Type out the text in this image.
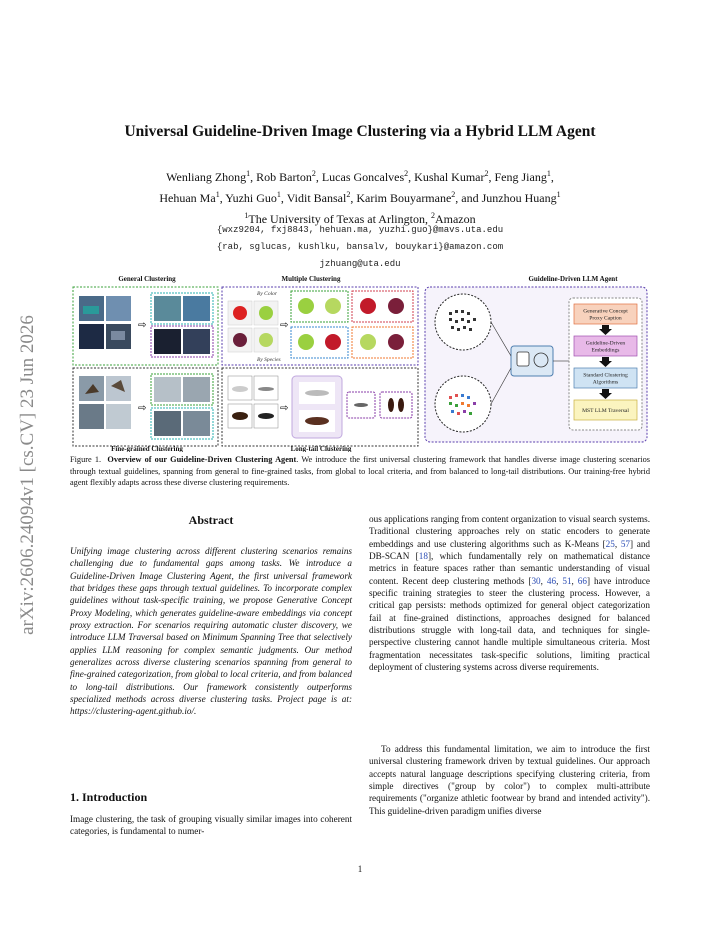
arXiv:2606.24094v1 [cs.CV] 23 Jun 2026
Universal Guideline-Driven Image Clustering via a Hybrid LLM Agent
Wenliang Zhong$^1$, Rob Barton$^2$, Lucas Goncalves$^2$, Kushal Kumar$^2$, Feng Jiang$^1$,
Hehuan Ma$^1$, Yuzhi Guo$^1$, Vidit Bansal$^2$, Karim Bouyarmane$^2$, and Junzhou Huang$^1$
$^1$The University of Texas at Arlington, $^2$Amazon
{wxz9204, fxj8843, hehuan.ma, yuzhi.guo}@mavs.uta.edu
{rab, sglucas, kushlku, bansalv, bouykari}@amazon.com
jzhuang@uta.edu
General Clustering
⇨
Multiple Clustering
By Color
By Species
⇨
Guideline-Driven LLM Agent
Generative Concept
Proxy Caption
Guideline-Driven
Embeddings
Standard Clustering
Algorithms
MST LLM Traversal
⇨
Fine-grained Clustering
⇨
Long-tail Clustering
Figure 1. Overview of our Guideline-Driven Clustering Agent. We introduce the first universal clustering framework that handles diverse image clustering scenarios through textual guidelines, spanning from general to fine-grained tasks, from global to local criteria, and from balanced to long-tail distributions. Our training-free hybrid agent flexibly adapts across these diverse clustering requirements.
Abstract
Unifying image clustering across different clustering scenarios remains challenging due to fundamental gaps among tasks. We introduce a Guideline-Driven Image Clustering Agent, the first universal framework that bridges these gaps through textual guidelines. To incorporate complex guidelines without task-specific training, we propose Generative Concept Proxy Modeling, which generates guideline-aware embeddings via concept proxy extraction. For scenarios requiring automatic cluster discovery, we introduce LLM Traversal based on Minimum Spanning Tree that selectively applies LLM reasoning for complex semantic judgments. Our method generalizes across diverse clustering scenarios spanning from general to fine-grained categorization, from global to local criteria, and from balanced to long-tail distributions. Our framework consistently outperforms specialized methods across diverse clustering tasks. Project page is at: https://clustering-agent.github.io/.
1. Introduction
Image clustering, the task of grouping visually similar images into coherent categories, is fundamental to numer-
ous applications ranging from content organization to visual search systems. Traditional clustering approaches rely on static encoders to generate embeddings and use clustering algorithms such as K-Means [25, 57] and DB-SCAN [18], which fundamentally rely on mathematical distance metrics in feature spaces rather than semantic understanding of visual content. Recent deep clustering methods [30, 46, 51, 66] have introduce specific training strategies to steer the clustering process. However, a critical gap persists: methods optimized for general object categorization fail at fine-grained distinctions, approaches designed for balanced distributions struggle with long-tail data, and techniques for single-perspective clustering cannot handle multiple simultaneous criteria. Most fragmentation necessitates task-specific solutions, limiting practical deployment of clustering systems across diverse requirements.
To address this fundamental limitation, we aim to introduce the first universal clustering framework driven by textual guidelines. Our approach accepts natural language descriptions specifying clustering criteria, from simple directives ("group by color") to complex multi-attribute requirements ("organize athletic footwear by brand and intended activity"). This guideline-driven paradigm unifies diverse
1
